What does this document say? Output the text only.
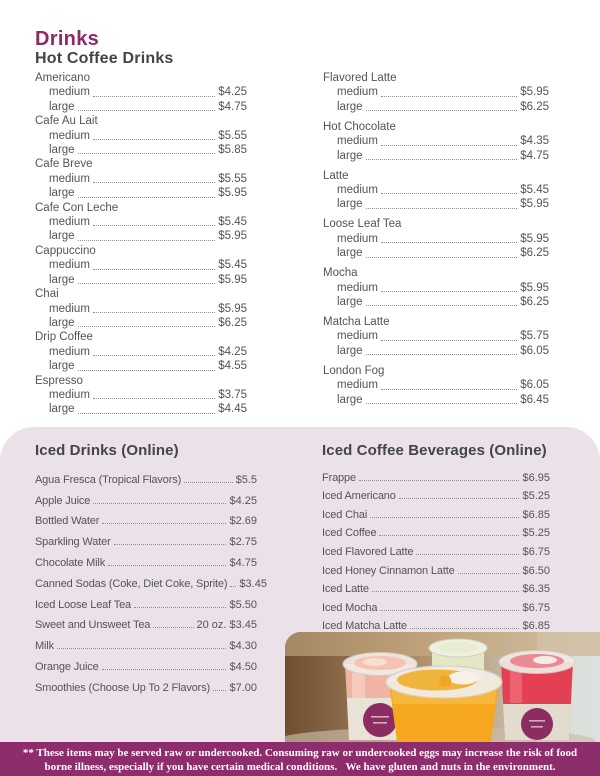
Drinks
Hot Coffee Drinks
Americano
medium	$4.25
large	$4.75
Cafe Au Lait
medium	$5.55
large	$5.85
Cafe Breve
medium	$5.55
large	$5.95
Cafe Con Leche
medium	$5.45
large	$5.95
Cappuccino
medium	$5.45
large	$5.95
Chai
medium	$5.95
large	$6.25
Drip Coffee
medium	$4.25
large	$4.55
Espresso
medium	$3.75
large	$4.45
Flavored Latte
medium	$5.95
large	$6.25
Hot Chocolate
medium	$4.35
large	$4.75
Latte
medium	$5.45
large	$5.95
Loose Leaf Tea
medium	$5.95
large	$6.25
Mocha
medium	$5.95
large	$6.25
Matcha Latte
medium	$5.75
large	$6.05
London Fog
medium	$6.05
large	$6.45
Iced Drinks (Online)
Agua Fresca (Tropical Flavors)	$5.5
Apple Juice	$4.25
Bottled Water	$2.69
Sparkling Water	$2.75
Chocolate Milk	$4.75
Canned Sodas (Coke, Diet Coke, Sprite) $3.45
Iced Loose Leaf Tea	$5.50
Sweet and Unsweet Tea	20 oz. $3.45
Milk	$4.30
Orange Juice	$4.50
Smoothies (Choose Up To 2 Flavors) $7.00
Iced Coffee Beverages (Online)
Frappe	$6.95
Iced Americano	$5.25
Iced Chai	$6.85
Iced Coffee	$5.25
Iced Flavored Latte	$6.75
Iced Honey Cinnamon Latte	$6.50
Iced Latte	$6.35
Iced Mocha	$6.75
Iced Matcha Latte	$6.85
** These items may be served raw or undercooked. Consuming raw or undercooked eggs may increase the risk of food
borne illness, especially if you have certain medical conditions.   We have gluten and nuts in the environment.
